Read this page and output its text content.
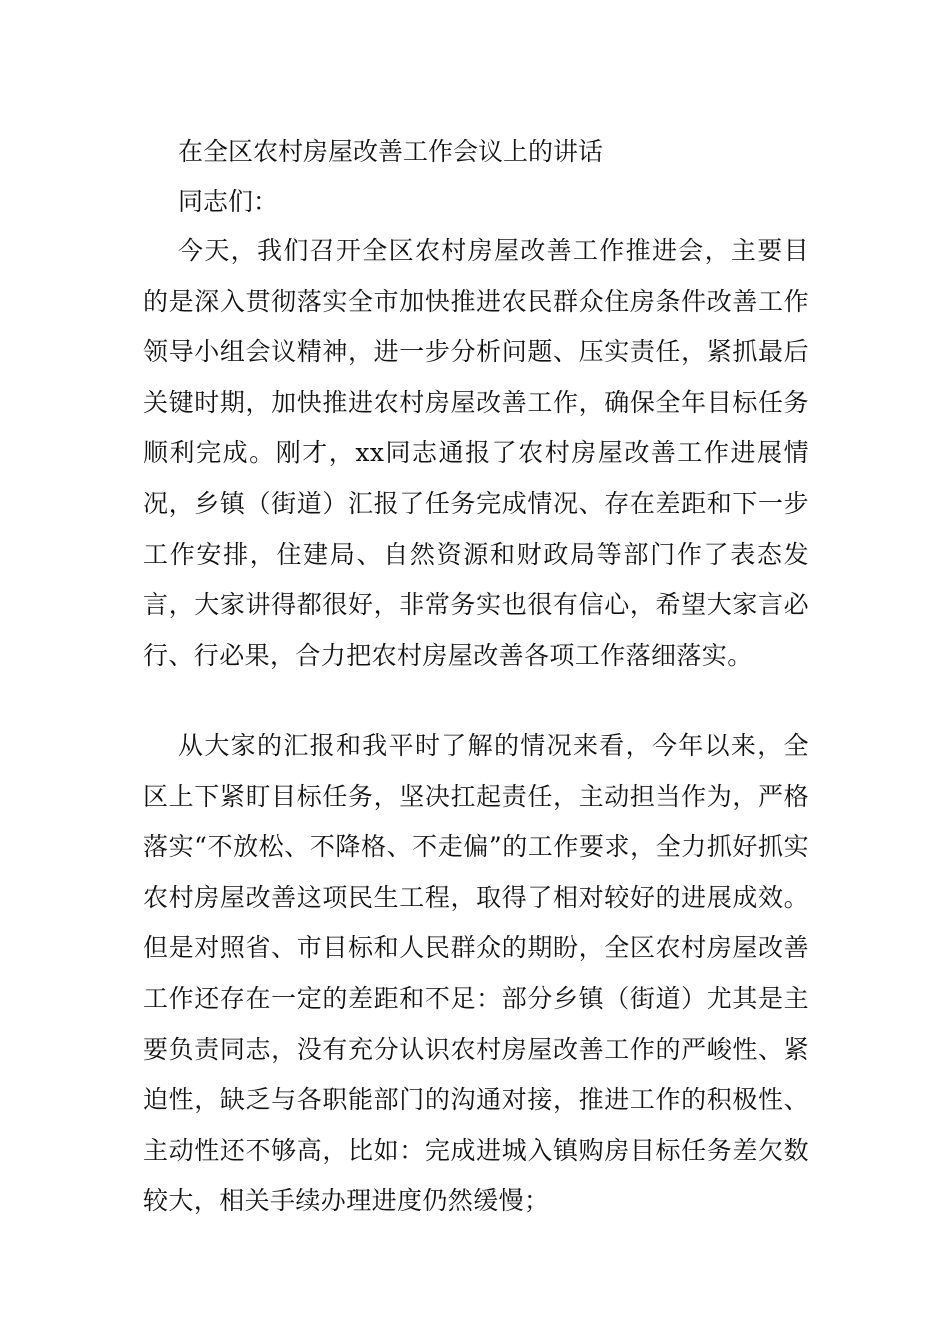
在全区农村房屋改善工作会议上的讲话
同志们：

今天，我们召开全区农村房屋改善工作推进会，主要目的是深入贯彻落实全市加快推进农民群众住房条件改善工作领导小组会议精神，进一步分析问题、压实责任，紧抓最后关键时期，加快推进农村房屋改善工作，确保全年目标任务顺利完成。刚才，xx同志通报了农村房屋改善工作进展情况，乡镇（街道）汇报了任务完成情况、存在差距和下一步工作安排，住建局、自然资源和财政局等部门作了表态发言，大家讲得都很好，非常务实也很有信心，希望大家言必行、行必果，合力把农村房屋改善各项工作落细落实。

从大家的汇报和我平时了解的情况来看，今年以来，全区上下紧盯目标任务，坚决扛起责任，主动担当作为，严格落实“不放松、不降格、不走偏”的工作要求，全力抓好抓实农村房屋改善这项民生工程，取得了相对较好的进展成效。但是对照省、市目标和人民群众的期盼，全区农村房屋改善工作还存在一定的差距和不足：部分乡镇（街道）尤其是主要负责同志，没有充分认识农村房屋改善工作的严峻性、紧迫性，缺乏与各职能部门的沟通对接，推进工作的积极性、主动性还不够高，比如：完成进城入镇购房目标任务差欠数较大，相关手续办理进度仍然缓慢；
